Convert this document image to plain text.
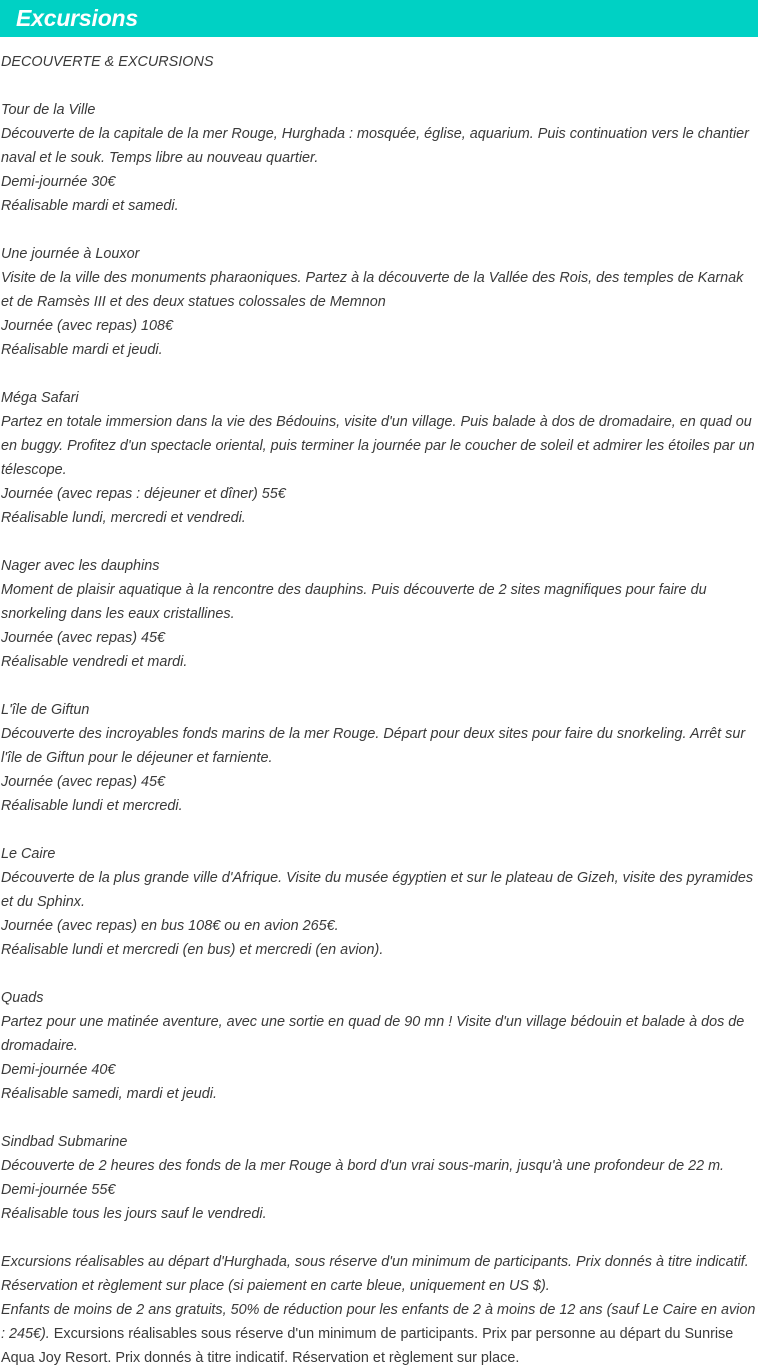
Excursions
DECOUVERTE & EXCURSIONS
Tour de la Ville
Découverte de la capitale de la mer Rouge, Hurghada : mosquée, église, aquarium. Puis continuation vers le chantier naval et le souk. Temps libre au nouveau quartier.
Demi-journée 30€
Réalisable mardi et samedi.
Une journée à Louxor
Visite de la ville des monuments pharaoniques. Partez à la découverte de la Vallée des Rois, des temples de Karnak et de Ramsès III et des deux statues colossales de Memnon
Journée (avec repas) 108€
Réalisable mardi et jeudi.
Méga Safari
Partez en totale immersion dans la vie des Bédouins, visite d'un village. Puis balade à dos de dromadaire, en quad ou en buggy. Profitez d'un spectacle oriental, puis terminer la journée par le coucher de soleil et admirer les étoiles par un télescope.
Journée (avec repas : déjeuner et dîner) 55€
Réalisable lundi, mercredi et vendredi.
Nager avec les dauphins
Moment de plaisir aquatique à la rencontre des dauphins. Puis découverte de 2 sites magnifiques pour faire du snorkeling dans les eaux cristallines.
Journée (avec repas) 45€
Réalisable vendredi et mardi.
L'île de Giftun
Découverte des incroyables fonds marins de la mer Rouge. Départ pour deux sites pour faire du snorkeling. Arrêt sur l'île de Giftun pour le déjeuner et farniente.
Journée (avec repas) 45€
Réalisable lundi et mercredi.
Le Caire
Découverte de la plus grande ville d'Afrique. Visite du musée égyptien et sur le plateau de Gizeh, visite des pyramides et du Sphinx.
Journée (avec repas) en bus 108€ ou en avion 265€.
Réalisable lundi et mercredi (en bus) et mercredi (en avion).
Quads
Partez pour une matinée aventure, avec une sortie en quad de 90 mn ! Visite d'un village bédouin et balade à dos de dromadaire.
Demi-journée 40€
Réalisable samedi, mardi et jeudi.
Sindbad Submarine
Découverte de 2 heures des fonds de la mer Rouge à bord d'un vrai sous-marin, jusqu'à une profondeur de 22 m.
Demi-journée 55€
Réalisable tous les jours sauf le vendredi.
Excursions réalisables au départ d'Hurghada, sous réserve d'un minimum de participants. Prix donnés à titre indicatif. Réservation et règlement sur place (si paiement en carte bleue, uniquement en US $).
Enfants de moins de 2 ans gratuits, 50% de réduction pour les enfants de 2 à moins de 12 ans (sauf Le Caire en avion : 245€). Excursions réalisables sous réserve d'un minimum de participants. Prix par personne au départ du Sunrise Aqua Joy Resort. Prix donnés à titre indicatif. Réservation et règlement sur place.
